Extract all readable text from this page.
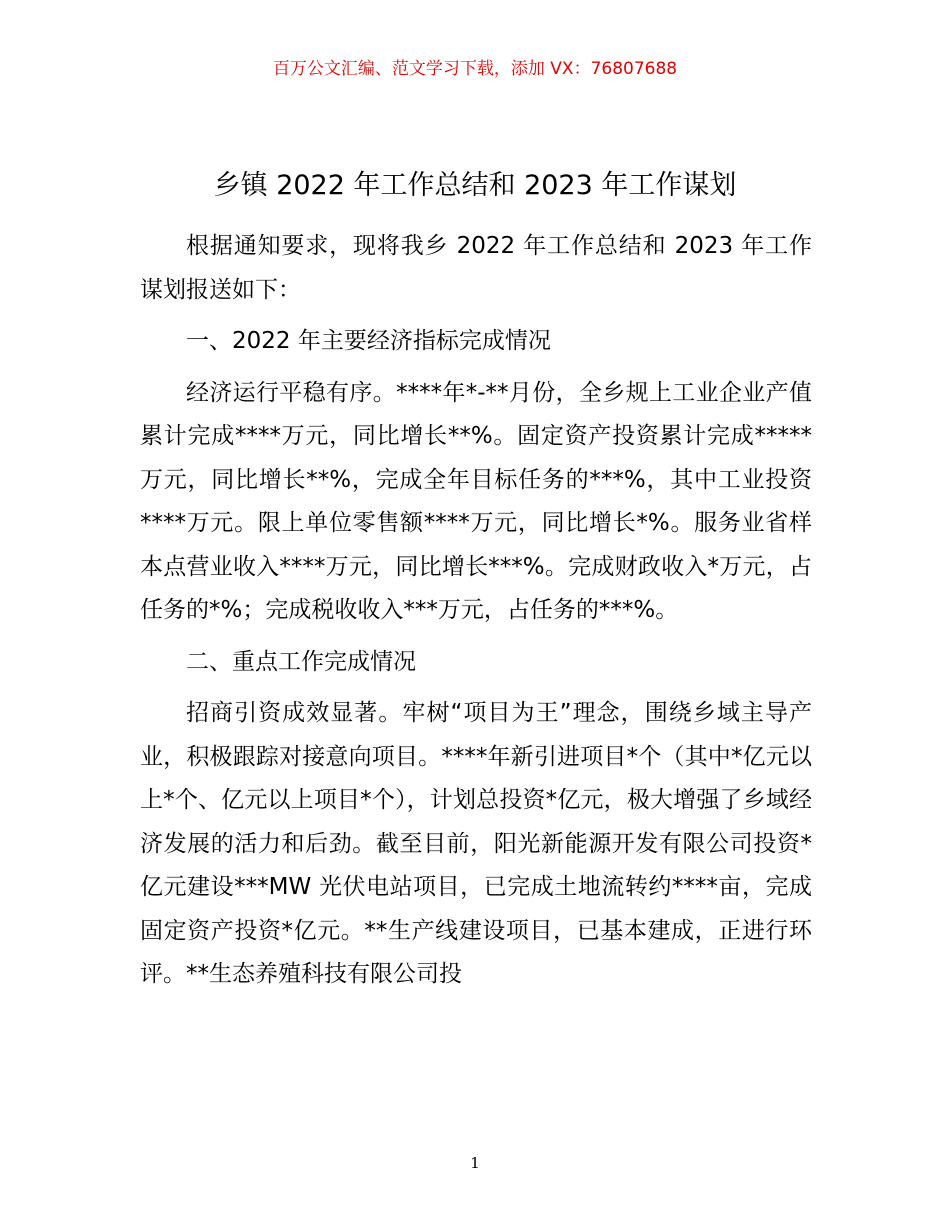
百万公文汇编、范文学习下载，添加 VX：76807688
乡镇 2022 年工作总结和 2023 年工作谋划

根据通知要求，现将我乡 2022 年工作总结和 2023 年工作谋划报送如下：

一、2022 年主要经济指标完成情况

经济运行平稳有序。****年*-**月份，全乡规上工业企业产值累计完成****万元，同比增长**%。固定资产投资累计完成*****万元，同比增长**%，完成全年目标任务的***%，其中工业投资****万元。限上单位零售额****万元，同比增长*%。服务业省样本点营业收入****万元，同比增长***%。完成财政收入*万元，占任务的*%；完成税收收入***万元，占任务的***%。

二、重点工作完成情况

招商引资成效显著。牢树“项目为王”理念，围绕乡域主导产业，积极跟踪对接意向项目。****年新引进项目*个（其中*亿元以上*个、亿元以上项目*个），计划总投资*亿元，极大增强了乡域经济发展的活力和后劲。截至目前，阳光新能源开发有限公司投资*亿元建设***MW 光伏电站项目，已完成土地流转约****亩，完成固定资产投资*亿元。**生产线建设项目，已基本建成，正进行环评。**生态养殖科技有限公司投

1
